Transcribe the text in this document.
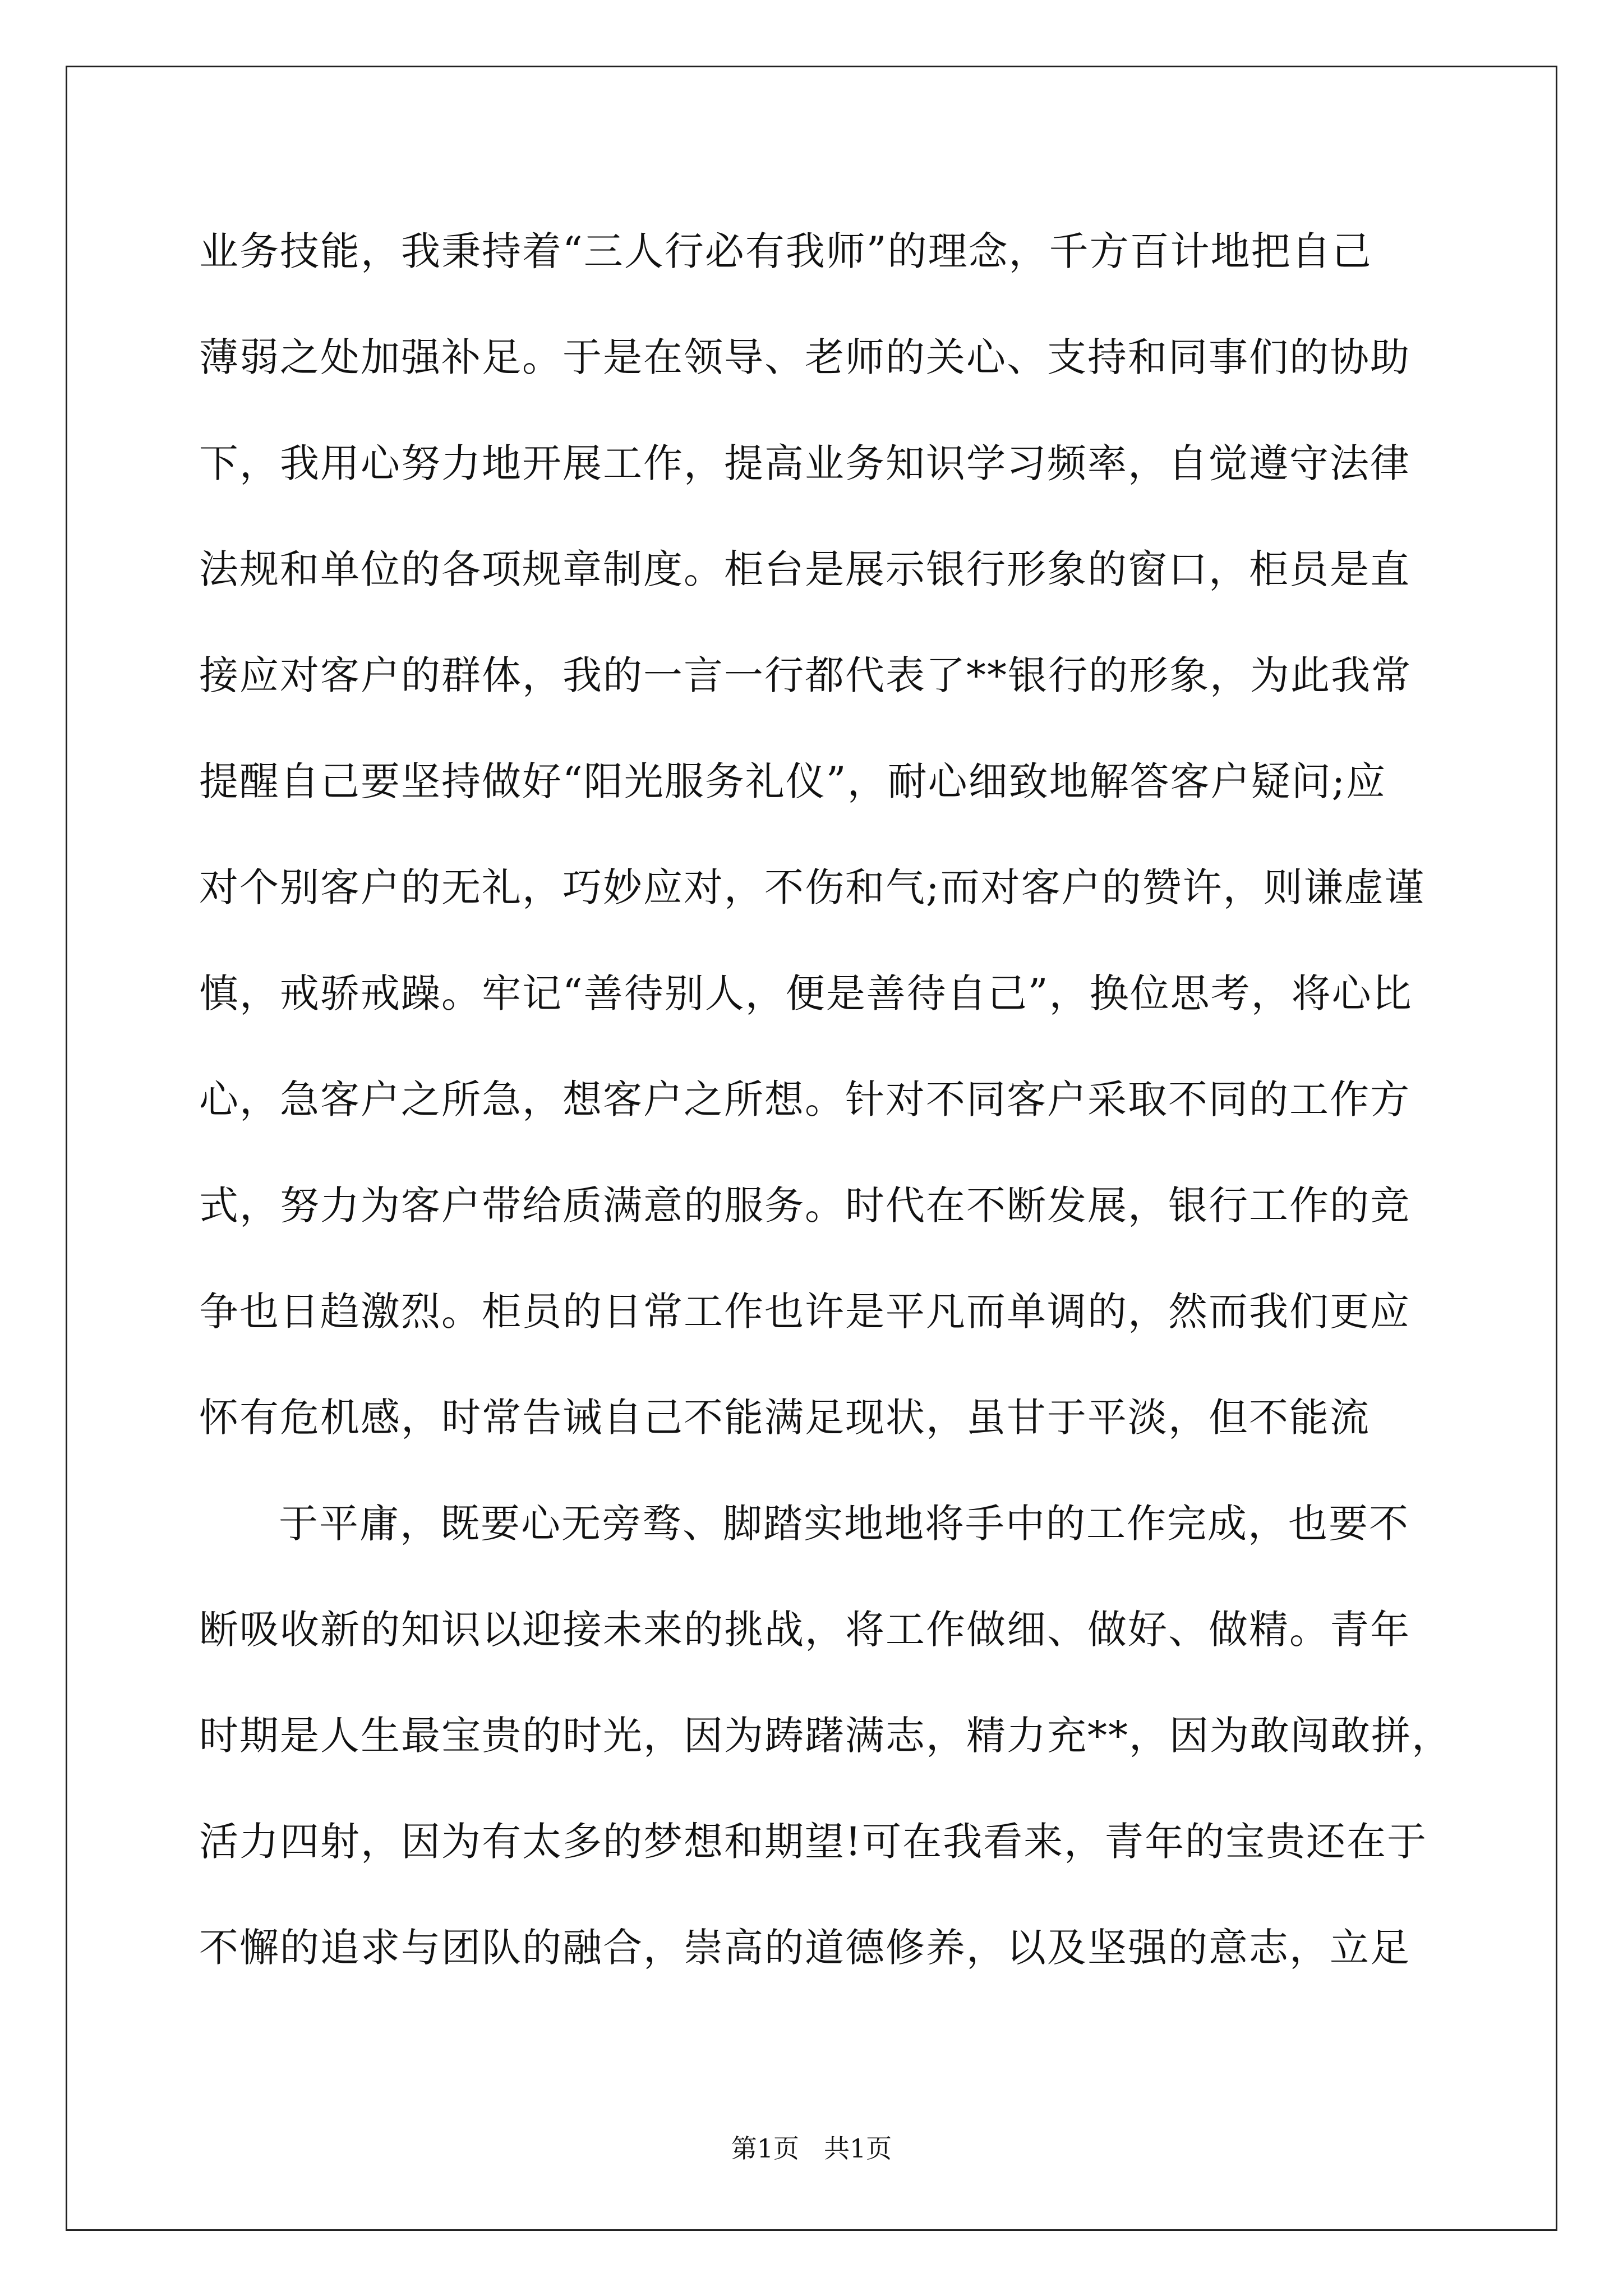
业务技能，我秉持着“三人行必有我师”的理念，千方百计地把自己
薄弱之处加强补足。于是在领导、老师的关心、支持和同事们的协助
下，我用心努力地开展工作，提高业务知识学习频率，自觉遵守法律
法规和单位的各项规章制度。柜台是展示银行形象的窗口，柜员是直
接应对客户的群体，我的一言一行都代表了**银行的形象，为此我常
提醒自己要坚持做好“阳光服务礼仪”，耐心细致地解答客户疑问;应
对个别客户的无礼，巧妙应对，不伤和气;而对客户的赞许，则谦虚谨
慎，戒骄戒躁。牢记“善待别人，便是善待自己”，换位思考，将心比
心，急客户之所急，想客户之所想。针对不同客户采取不同的工作方
式，努力为客户带给质满意的服务。时代在不断发展，银行工作的竞
争也日趋激烈。柜员的日常工作也许是平凡而单调的，然而我们更应
怀有危机感，时常告诫自己不能满足现状，虽甘于平淡，但不能流
于平庸，既要心无旁骛、脚踏实地地将手中的工作完成，也要不
断吸收新的知识以迎接未来的挑战，将工作做细、做好、做精。青年
时期是人生最宝贵的时光，因为踌躇满志，精力充**，因为敢闯敢拼，
活力四射，因为有太多的梦想和期望!可在我看来，青年的宝贵还在于
不懈的追求与团队的融合，崇高的道德修养，以及坚强的意志，立足
第1页 共1页
